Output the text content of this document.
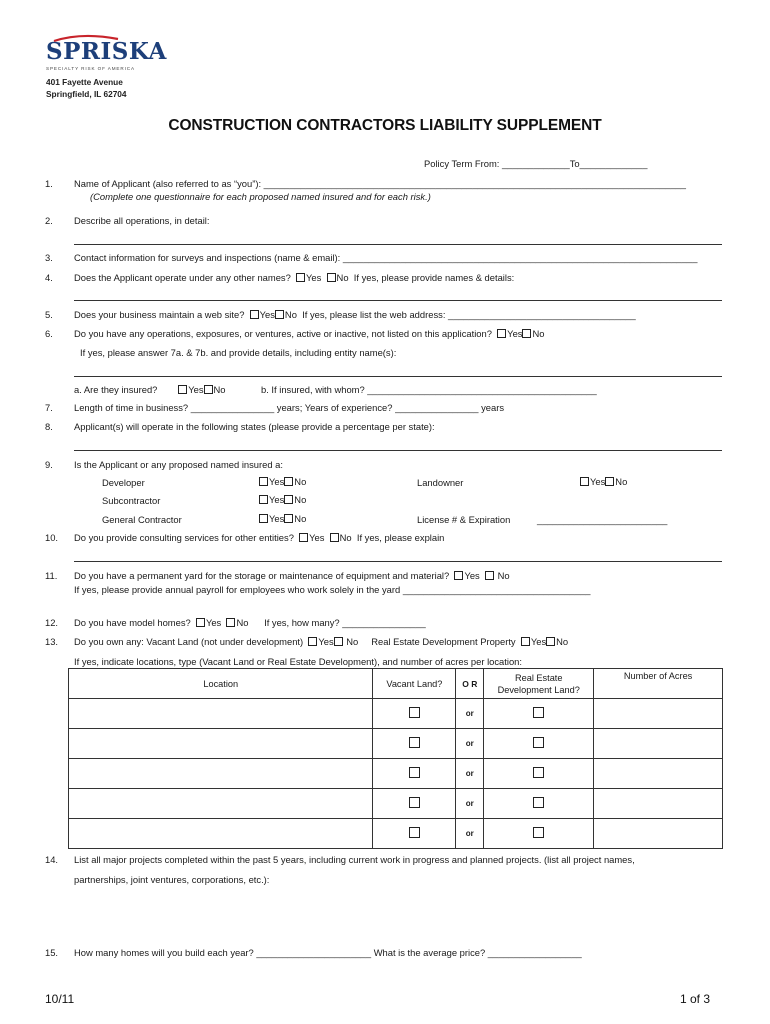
SPRISKA
SPECIALTY RISK OF AMERICA
401 Fayette Avenue
Springfield, IL 62704
CONSTRUCTION CONTRACTORS LIABILITY SUPPLEMENT
Policy Term From: _____________To_____________
1. Name of Applicant (also referred to as “you”): _________________________________________________________________________________
(Complete one questionnaire for each proposed named insured and for each risk.)
2. Describe all operations, in detail:
3. Contact information for surveys and inspections (name & email): ____________________________________________________________________
4. Does the Applicant operate under any other names? Yes No If yes, please provide names & details:
5. Does your business maintain a web site? Yes No If yes, please list the web address: ____________________________________
6. Do you have any operations, exposures, or ventures, active or inactive, not listed on this application? Yes No
If yes, please answer 7a. & 7b. and provide details, including entity name(s):
a. Are they insured?	Yes No	b. If insured, with whom? ____________________________________________
7. Length of time in business? ________________ years; Years of experience? ________________ years
8. Applicant(s) will operate in the following states (please provide a percentage per state):
9. Is the Applicant or any proposed named insured a:
Developer	Yes No	Landowner	Yes No
Subcontractor	Yes No
General Contractor	Yes No	License # & Expiration	_________________________
10. Do you provide consulting services for other entities? Yes No If yes, please explain
11. Do you have a permanent yard for the storage or maintenance of equipment and material? Yes No
If yes, please provide annual payroll for employees who work solely in the yard ____________________________________
12. Do you have model homes? Yes No If yes, how many? ________________
13. Do you own any: Vacant Land (not under development) Yes No Real Estate Development Property Yes No
If yes, indicate locations, type (Vacant Land or Real Estate Development), and number of acres per location:
Location	Vacant Land?	O R	Real Estate
Development Land?	Number of Acres
		or		
		or		
		or		
		or		
		or		
14. List all major projects completed within the past 5 years, including current work in progress and planned projects. (list all project names,
partnerships, joint ventures, corporations, etc.):
15. How many homes will you build each year? ______________________ What is the average price? __________________
10/11	1 of 3
